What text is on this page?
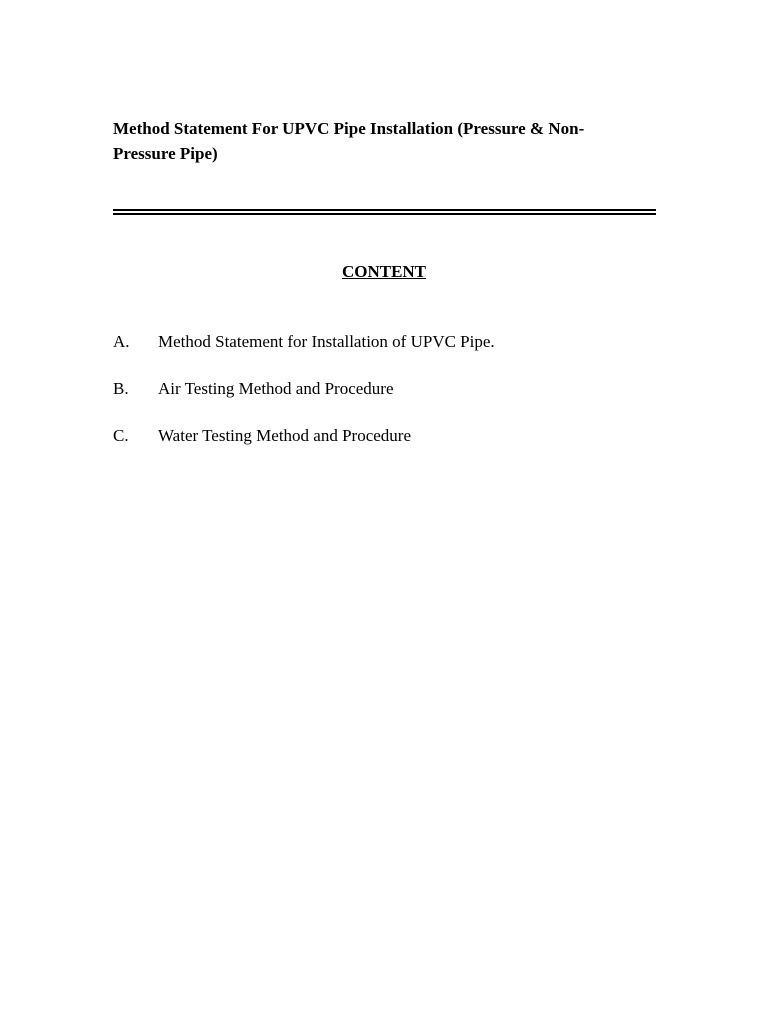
Method Statement For UPVC Pipe Installation (Pressure & Non-Pressure Pipe)
CONTENT
A.	Method Statement for Installation of UPVC Pipe.
B.	Air Testing Method and Procedure
C.	Water Testing Method and Procedure
